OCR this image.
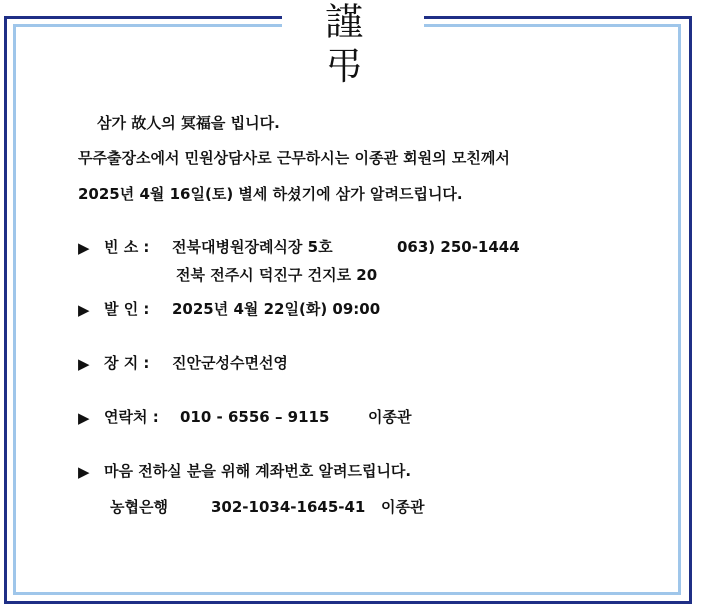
謹 弔
삼가 故人의 冥福을 빕니다.
무주출장소에서 민원상담사로 근무하시는 이종관 회원의 모친께서
2025년 4월 16일(토) 별세 하셨기에 삼가 알려드립니다.
▶ 빈 소 : 전북대병원장례식장 5호	063) 250-1444
전북 전주시 덕진구 건지로 20
▶ 발 인 : 2025년 4월 22일(화) 09:00
▶ 장 지 : 진안군성수면선영
▶ 연락처 : 010 - 6556 – 9115	이종관
▶ 마음 전하실 분을 위해 계좌번호 알려드립니다.
농협은행	302-1034-1645-41 이종관
